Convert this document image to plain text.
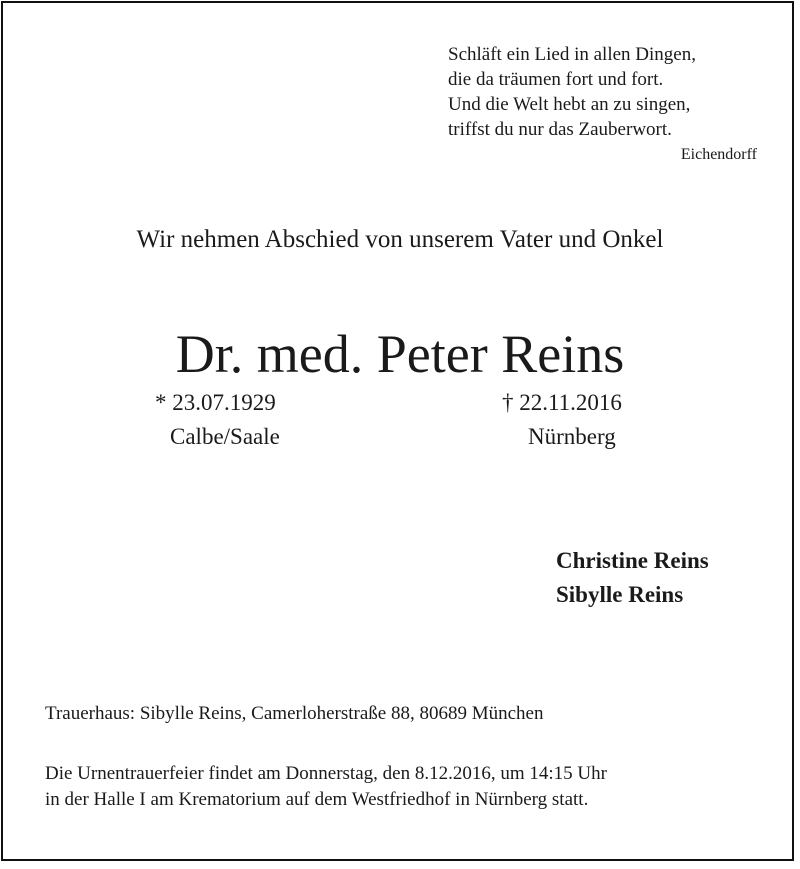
Schläft ein Lied in allen Dingen,
die da träumen fort und fort.
Und die Welt hebt an zu singen,
triffst du nur das Zauberwort.
Eichendorff
Wir nehmen Abschied von unserem Vater und Onkel
Dr. med. Peter Reins
* 23.07.1929	† 22.11.2016
Calbe/Saale	Nürnberg
Christine Reins
Sibylle Reins
Trauerhaus: Sibylle Reins, Camerloherstraße 88, 80689 München
Die Urnentrauerfeier findet am Donnerstag, den 8.12.2016, um 14:15 Uhr
in der Halle I am Krematorium auf dem Westfriedhof in Nürnberg statt.
